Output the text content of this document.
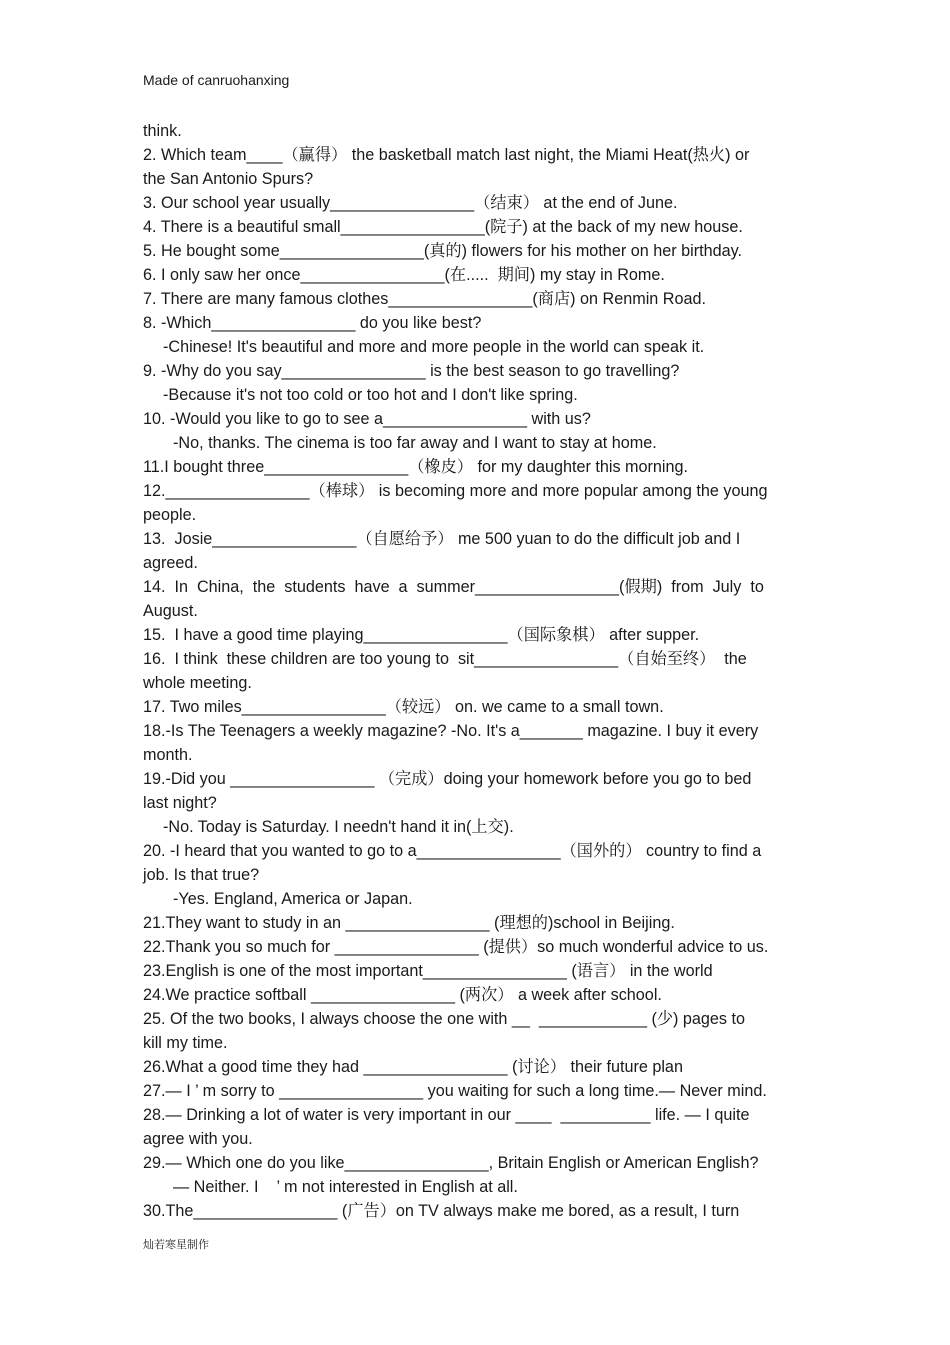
Made of canruohanxing
think.
2. Which team____（赢得） the basketball match last night, the Miami Heat(热火) or
the San Antonio Spurs?
3. Our school year usually________________（结束） at the end of June.
4. There is a beautiful small________________(院子) at the back of my new house.
5. He bought some________________(真的) flowers for his mother on her birthday.
6. I only saw her once________________(在.....  期间) my stay in Rome.
7. There are many famous clothes________________(商店) on Renmin Road.
8. -Which________________ do you like best?
-Chinese! It's beautiful and more and more people in the world can speak it.
9. -Why do you say________________ is the best season to go travelling?
-Because it's not too cold or too hot and I don't like spring.
10. -Would you like to go to see a________________ with us?
-No, thanks. The cinema is too far away and I want to stay at home.
11.I bought three________________（橡皮） for my daughter this morning.
12.________________（棒球） is becoming more and more popular among the young
people.
13.  Josie________________（自愿给予） me 500 yuan to do the difficult job and I
agreed.
14.  In  China,  the  students  have  a  summer________________(假期)  from  July  to
August.
15.  I have a good time playing________________（国际象棋） after supper.
16.  I think  these children are too young to  sit________________（自始至终）  the
whole meeting.
17. Two miles________________（较远） on. we came to a small town.
18.-Is The Teenagers a weekly magazine? -No. It's a_______ magazine. I buy it every
month.
19.-Did you ________________ （完成）doing your homework before you go to bed
last night?
-No. Today is Saturday. I needn't hand it in(上交).
20. -I heard that you wanted to go to a________________（国外的） country to find a
job. Is that true?
-Yes. England, America or Japan.
21.They want to study in an ________________ (理想的)school in Beijing.
22.Thank you so much for ________________ (提供）so much wonderful advice to us.
23.English is one of the most important________________ (语言） in the world
24.We practice softball ________________ (两次） a week after school.
25. Of the two books, I always choose the one with __  ____________ (少) pages to
kill my time.
26.What a good time they had ________________ (讨论） their future plan
27.— I ’ m sorry to ________________ you waiting for such a long time.— Never mind.
28.— Drinking a lot of water is very important in our ____  __________ life. — I quite
agree with you.
29.— Which one do you like________________, Britain English or American English?
— Neither. I    ’ m not interested in English at all.
30.The________________ (广告）on TV always make me bored, as a result, I turn
灿若寒星制作
